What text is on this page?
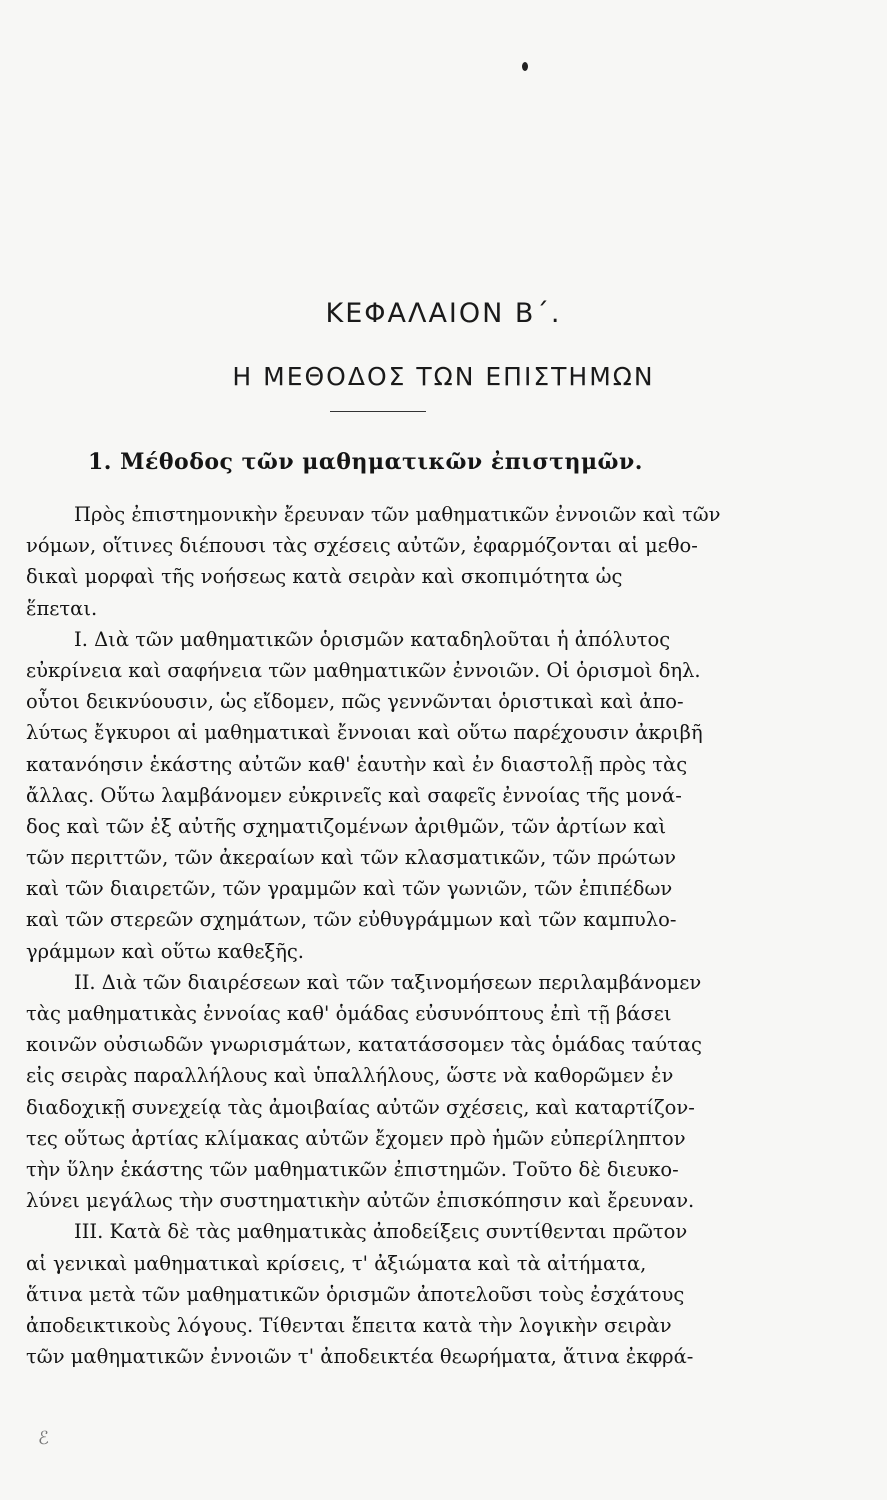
ΚΕΦΑΛΑΙΟΝ Β΄.
Η ΜΕΘΟΔΟΣ ΤΩΝ ΕΠΙΣΤΗΜΩΝ
1. Μέθοδος τῶν μαθηματικῶν ἐπιστημῶν.
Πρὸς ἐπιστημονικὴν ἔρευναν τῶν μαθηματικῶν ἐννοιῶν καὶ τῶν
νόμων, οἵτινες διέπουσι τὰς σχέσεις αὐτῶν, ἐφαρμόζονται αἱ μεθο-
δικαὶ μορφαὶ τῆς νοήσεως κατὰ σειρὰν καὶ σκοπιμότητα ὡς
ἕπεται.
I. Διὰ τῶν μαθηματικῶν ὁρισμῶν καταδηλοῦται ἡ ἀπόλυτος
εὐκρίνεια καὶ σαφήνεια τῶν μαθηματικῶν ἐννοιῶν. Οἱ ὁρισμοὶ δηλ.
οὗτοι δεικνύουσιν, ὡς εἴδομεν, πῶς γεννῶνται ὁριστικαὶ καὶ ἀπο-
λύτως ἔγκυροι αἱ μαθηματικαὶ ἔννοιαι καὶ οὕτω παρέχουσιν ἀκριβῆ
κατανόησιν ἑκάστης αὐτῶν καθ' ἑαυτὴν καὶ ἐν διαστολῇ πρὸς τὰς
ἄλλας. Οὕτω λαμβάνομεν εὐκρινεῖς καὶ σαφεῖς ἐννοίας τῆς μονά-
δος καὶ τῶν ἐξ αὐτῆς σχηματιζομένων ἀριθμῶν, τῶν ἀρτίων καὶ
τῶν περιττῶν, τῶν ἀκεραίων καὶ τῶν κλασματικῶν, τῶν πρώτων
καὶ τῶν διαιρετῶν, τῶν γραμμῶν καὶ τῶν γωνιῶν, τῶν ἐπιπέδων
καὶ τῶν στερεῶν σχημάτων, τῶν εὐθυγράμμων καὶ τῶν καμπυλο-
γράμμων καὶ οὕτω καθεξῆς.
II. Διὰ τῶν διαιρέσεων καὶ τῶν ταξινομήσεων περιλαμβάνομεν
τὰς μαθηματικὰς ἐννοίας καθ' ὁμάδας εὐσυνόπτους ἐπὶ τῇ βάσει
κοινῶν οὐσιωδῶν γνωρισμάτων, κατατάσσομεν τὰς ὁμάδας ταύτας
εἰς σειρὰς παραλλήλους καὶ ὑπαλλήλους, ὥστε νὰ καθορῶμεν ἐν
διαδοχικῇ συνεχείᾳ τὰς ἀμοιβαίας αὐτῶν σχέσεις, καὶ καταρτίζον-
τες οὕτως ἀρτίας κλίμακας αὐτῶν ἔχομεν πρὸ ἡμῶν εὐπερίληπτον
τὴν ὕλην ἑκάστης τῶν μαθηματικῶν ἐπιστημῶν. Τοῦτο δὲ διευκο-
λύνει μεγάλως τὴν συστηματικὴν αὐτῶν ἐπισκόπησιν καὶ ἔρευναν.
III. Κατὰ δὲ τὰς μαθηματικὰς ἀποδείξεις συντίθενται πρῶτον
αἱ γενικαὶ μαθηματικαὶ κρίσεις, τ' ἀξιώματα καὶ τὰ αἰτήματα,
ἅτινα μετὰ τῶν μαθηματικῶν ὁρισμῶν ἀποτελοῦσι τοὺς ἐσχάτους
ἀποδεικτικοὺς λόγους. Τίθενται ἔπειτα κατὰ τὴν λογικὴν σειρὰν
τῶν μαθηματικῶν ἐννοιῶν τ' ἀποδεικτέα θεωρήματα, ἅτινα ἐκφρά-
ℰ
